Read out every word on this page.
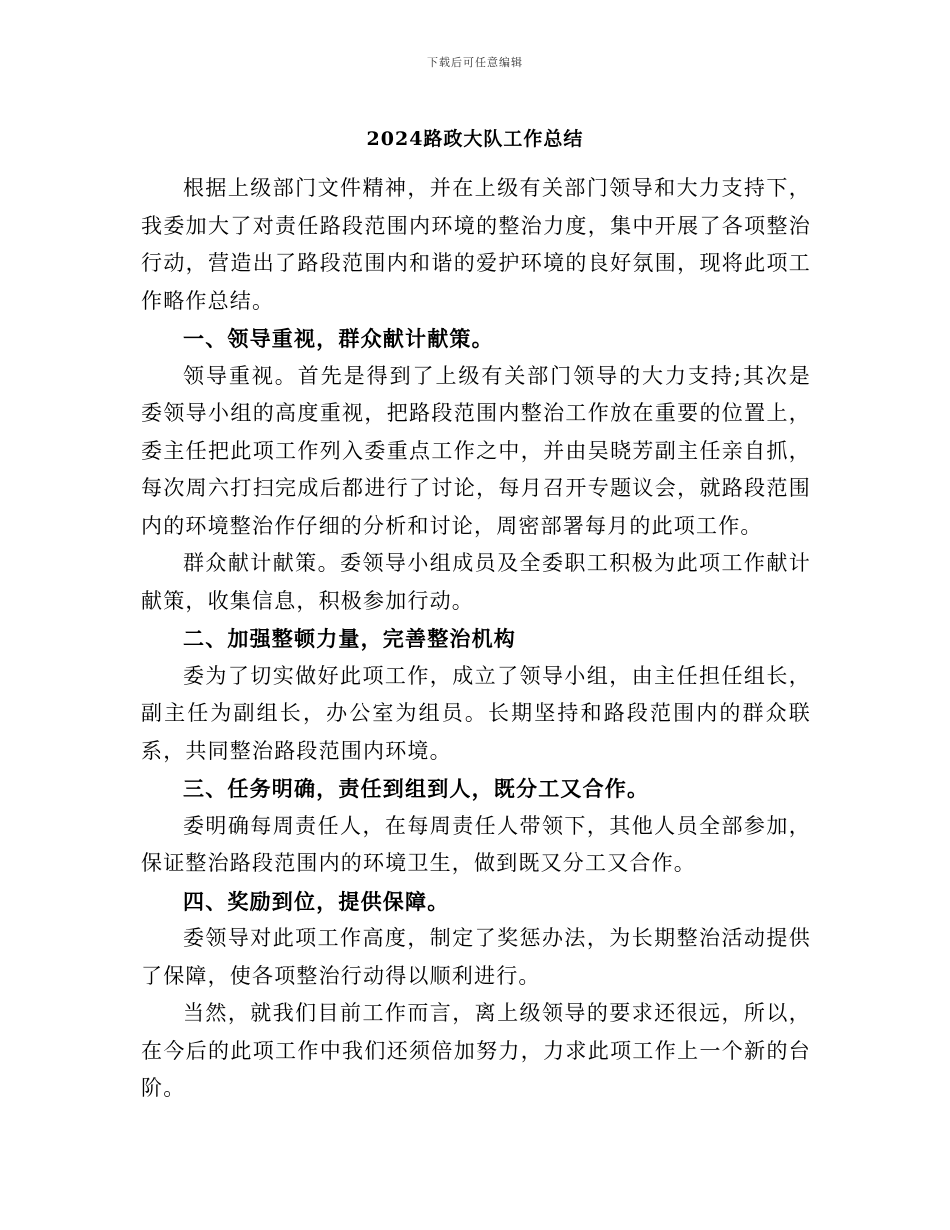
下载后可任意编辑
2024路政大队工作总结

根据上级部门文件精神，并在上级有关部门领导和大力支持下，我委加大了对责任路段范围内环境的整治力度，集中开展了各项整治行动，营造出了路段范围内和谐的爱护环境的良好氛围，现将此项工作略作总结。

一、领导重视，群众献计献策。

领导重视。首先是得到了上级有关部门领导的大力支持;其次是委领导小组的高度重视，把路段范围内整治工作放在重要的位置上，委主任把此项工作列入委重点工作之中，并由吴晓芳副主任亲自抓，每次周六打扫完成后都进行了讨论，每月召开专题议会，就路段范围内的环境整治作仔细的分析和讨论，周密部署每月的此项工作。

群众献计献策。委领导小组成员及全委职工积极为此项工作献计献策，收集信息，积极参加行动。

二、加强整顿力量，完善整治机构

委为了切实做好此项工作，成立了领导小组，由主任担任组长，副主任为副组长，办公室为组员。长期坚持和路段范围内的群众联系，共同整治路段范围内环境。

三、任务明确，责任到组到人，既分工又合作。

委明确每周责任人，在每周责任人带领下，其他人员全部参加，保证整治路段范围内的环境卫生，做到既又分工又合作。

四、奖励到位，提供保障。

委领导对此项工作高度，制定了奖惩办法，为长期整治活动提供了保障，使各项整治行动得以顺利进行。

当然，就我们目前工作而言，离上级领导的要求还很远，所以，在今后的此项工作中我们还须倍加努力，力求此项工作上一个新的台阶。
